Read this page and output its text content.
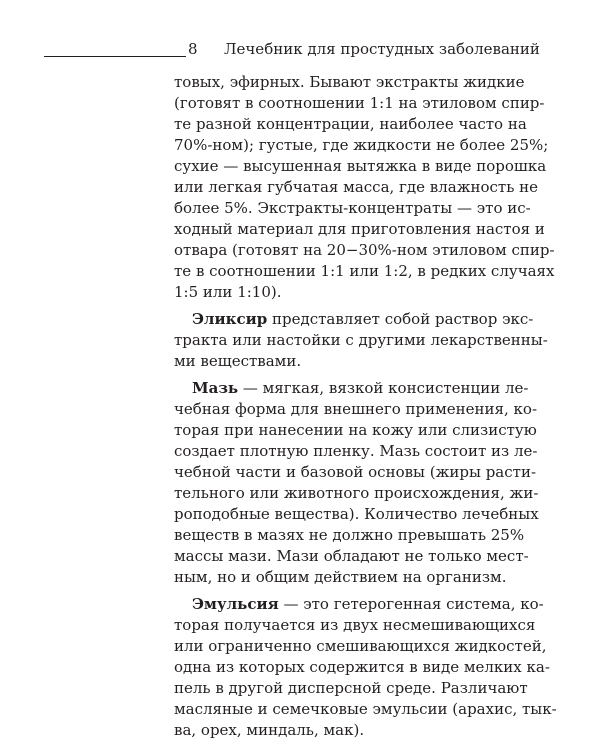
8 Лечебник для простудных заболеваний
товых, эфирных. Бывают экстракты жидкие
(готовят в соотношении 1:1 на этиловом спир-
те разной концентрации, наиболее часто на
70%-ном); густые, где жидкости не более 25%;
сухие — высушенная вытяжка в виде порошка
или легкая губчатая масса, где влажность не
более 5%. Экстракты-концентраты — это ис-
ходный материал для приготовления настоя и
отвара (готовят на 20−30%-ном этиловом спир-
те в соотношении 1:1 или 1:2, в редких случаях
1:5 или 1:10).
Эликсир представляет собой раствор экс-
тракта или настойки с другими лекарственны-
ми веществами.
Мазь — мягкая, вязкой консистенции ле-
чебная форма для внешнего применения, ко-
торая при нанесении на кожу или слизистую
создает плотную пленку. Мазь состоит из ле-
чебной части и базовой основы (жиры расти-
тельного или животного происхождения, жи-
роподобные вещества). Количество лечебных
веществ в мазях не должно превышать 25%
массы мази. Мази обладают не только мест-
ным, но и общим действием на организм.
Эмульсия — это гетерогенная система, ко-
торая получается из двух несмешивающихся
или ограниченно смешивающихся жидкостей,
одна из которых содержится в виде мелких ка-
пель в другой дисперсной среде. Различают
масляные и семечковые эмульсии (арахис, тык-
ва, орех, миндаль, мак).
